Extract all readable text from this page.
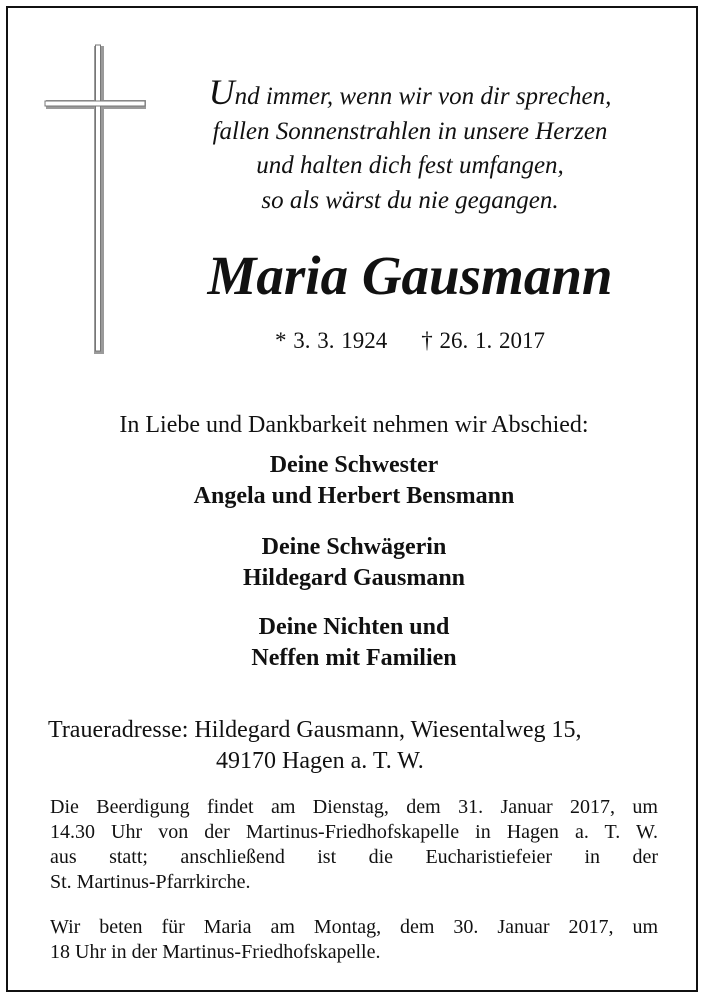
Und immer, wenn wir von dir sprechen,
fallen Sonnenstrahlen in unsere Herzen
und halten dich fest umfangen,
so als wärst du nie gegangen.
Maria Gausmann
* 3. 3. 1924 † 26. 1. 2017
In Liebe und Dankbarkeit nehmen wir Abschied:
Deine Schwester
Angela und Herbert Bensmann
Deine Schwägerin
Hildegard Gausmann
Deine Nichten und
Neffen mit Familien
Traueradresse: Hildegard Gausmann, Wiesentalweg 15,
49170 Hagen a. T. W.
Die Beerdigung findet am Dienstag, dem 31. Januar 2017, um
14.30 Uhr von der Martinus-Friedhofskapelle in Hagen a. T. W.
aus statt; anschließend ist die Eucharistiefeier in der
St. Martinus-Pfarrkirche.
Wir beten für Maria am Montag, dem 30. Januar 2017, um
18 Uhr in der Martinus-Friedhofskapelle.
